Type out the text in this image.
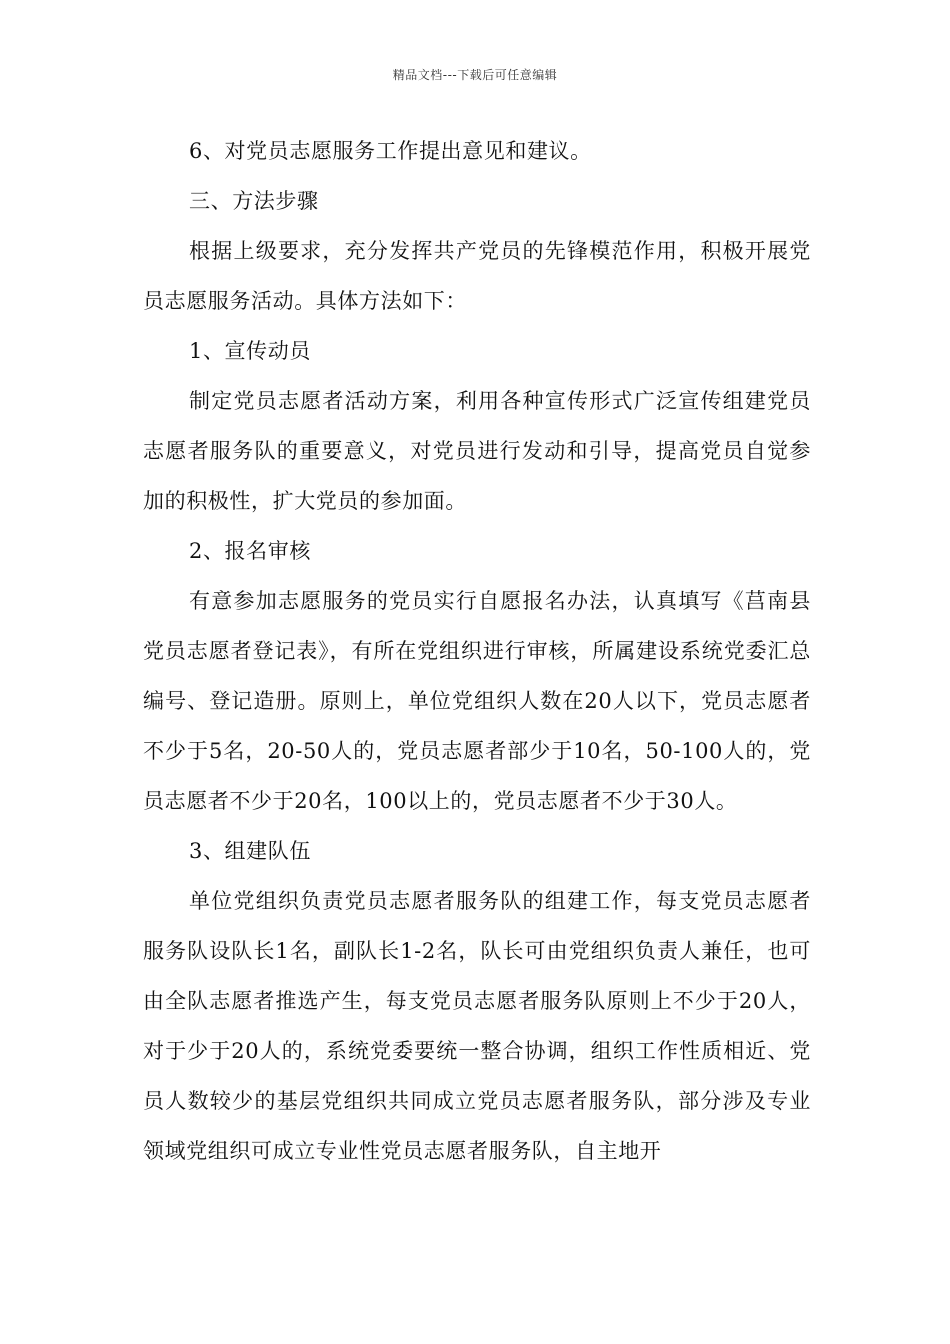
精品文档---下载后可任意编辑

6、对党员志愿服务工作提出意见和建议。

三、方法步骤

根据上级要求，充分发挥共产党员的先锋模范作用，积极开展党员志愿服务活动。具体方法如下：

1、宣传动员

制定党员志愿者活动方案，利用各种宣传形式广泛宣传组建党员志愿者服务队的重要意义，对党员进行发动和引导，提高党员自觉参加的积极性，扩大党员的参加面。

2、报名审核

有意参加志愿服务的党员实行自愿报名办法，认真填写《莒南县党员志愿者登记表》，有所在党组织进行审核，所属建设系统党委汇总编号、登记造册。原则上，单位党组织人数在20人以下，党员志愿者不少于5名，20-50人的，党员志愿者部少于10名，50-100人的，党员志愿者不少于20名，100以上的，党员志愿者不少于30人。

3、组建队伍

单位党组织负责党员志愿者服务队的组建工作，每支党员志愿者服务队设队长1名，副队长1-2名，队长可由党组织负责人兼任，也可由全队志愿者推选产生，每支党员志愿者服务队原则上不少于20人，对于少于20人的，系统党委要统一整合协调，组织工作性质相近、党员人数较少的基层党组织共同成立党员志愿者服务队，部分涉及专业领域党组织可成立专业性党员志愿者服务队，自主地开
